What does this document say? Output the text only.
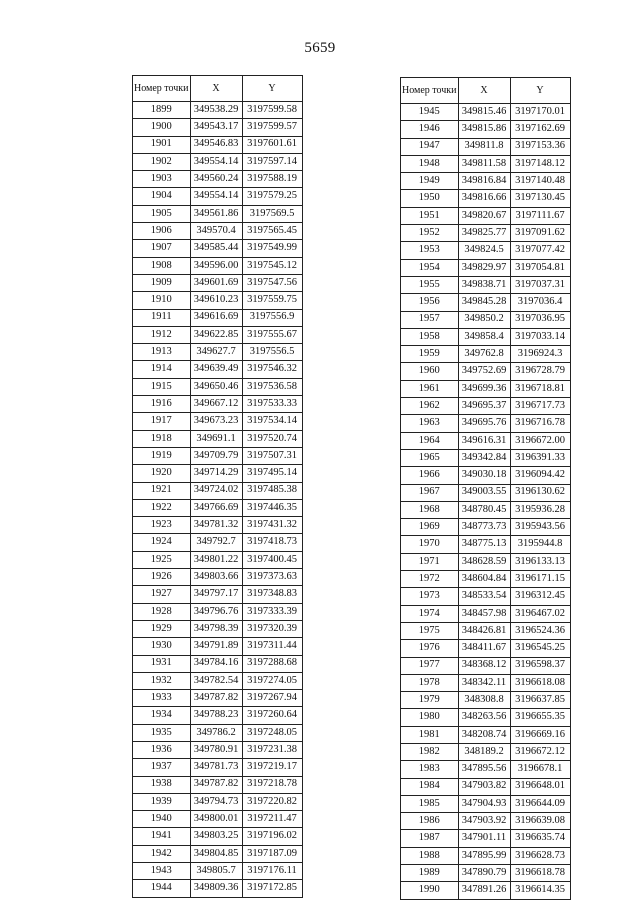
5659
Номер точки	X	Y
1899	349538.29	3197599.58
1900	349543.17	3197599.57
1901	349546.83	3197601.61
1902	349554.14	3197597.14
1903	349560.24	3197588.19
1904	349554.14	3197579.25
1905	349561.86	3197569.5
1906	349570.4	3197565.45
1907	349585.44	3197549.99
1908	349596.00	3197545.12
1909	349601.69	3197547.56
1910	349610.23	3197559.75
1911	349616.69	3197556.9
1912	349622.85	3197555.67
1913	349627.7	3197556.5
1914	349639.49	3197546.32
1915	349650.46	3197536.58
1916	349667.12	3197533.33
1917	349673.23	3197534.14
1918	349691.1	3197520.74
1919	349709.79	3197507.31
1920	349714.29	3197495.14
1921	349724.02	3197485.38
1922	349766.69	3197446.35
1923	349781.32	3197431.32
1924	349792.7	3197418.73
1925	349801.22	3197400.45
1926	349803.66	3197373.63
1927	349797.17	3197348.83
1928	349796.76	3197333.39
1929	349798.39	3197320.39
1930	349791.89	3197311.44
1931	349784.16	3197288.68
1932	349782.54	3197274.05
1933	349787.82	3197267.94
1934	349788.23	3197260.64
1935	349786.2	3197248.05
1936	349780.91	3197231.38
1937	349781.73	3197219.17
1938	349787.82	3197218.78
1939	349794.73	3197220.82
1940	349800.01	3197211.47
1941	349803.25	3197196.02
1942	349804.85	3197187.09
1943	349805.7	3197176.11
1944	349809.36	3197172.85
Номер точки	X	Y
1945	349815.46	3197170.01
1946	349815.86	3197162.69
1947	349811.8	3197153.36
1948	349811.58	3197148.12
1949	349816.84	3197140.48
1950	349816.66	3197130.45
1951	349820.67	3197111.67
1952	349825.77	3197091.62
1953	349824.5	3197077.42
1954	349829.97	3197054.81
1955	349838.71	3197037.31
1956	349845.28	3197036.4
1957	349850.2	3197036.95
1958	349858.4	3197033.14
1959	349762.8	3196924.3
1960	349752.69	3196728.79
1961	349699.36	3196718.81
1962	349695.37	3196717.73
1963	349695.76	3196716.78
1964	349616.31	3196672.00
1965	349342.84	3196391.33
1966	349030.18	3196094.42
1967	349003.55	3196130.62
1968	348780.45	3195936.28
1969	348773.73	3195943.56
1970	348775.13	3195944.8
1971	348628.59	3196133.13
1972	348604.84	3196171.15
1973	348533.54	3196312.45
1974	348457.98	3196467.02
1975	348426.81	3196524.36
1976	348411.67	3196545.25
1977	348368.12	3196598.37
1978	348342.11	3196618.08
1979	348308.8	3196637.85
1980	348263.56	3196655.35
1981	348208.74	3196669.16
1982	348189.2	3196672.12
1983	347895.56	3196678.1
1984	347903.82	3196648.01
1985	347904.93	3196644.09
1986	347903.92	3196639.08
1987	347901.11	3196635.74
1988	347895.99	3196628.73
1989	347890.79	3196618.78
1990	347891.26	3196614.35
